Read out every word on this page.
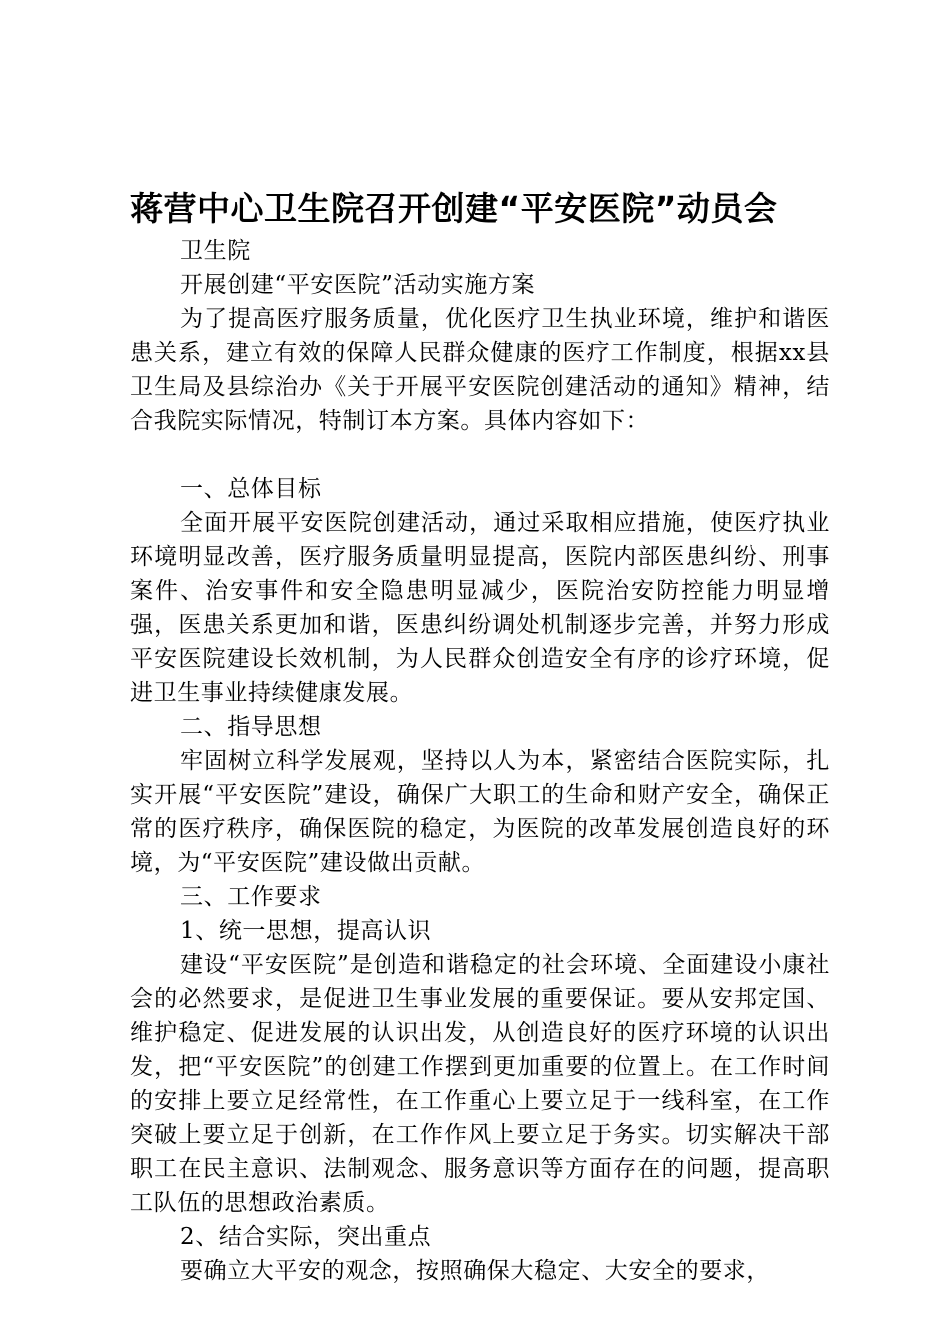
蒋营中心卫生院召开创建“平安医院”动员会

卫生院

开展创建“平安医院”活动实施方案

为了提高医疗服务质量，优化医疗卫生执业环境，维护和谐医患关系，建立有效的保障人民群众健康的医疗工作制度，根据xx县卫生局及县综治办《关于开展平安医院创建活动的通知》精神，结合我院实际情况，特制订本方案。具体内容如下：

一、总体目标

全面开展平安医院创建活动，通过采取相应措施，使医疗执业环境明显改善，医疗服务质量明显提高，医院内部医患纠纷、刑事案件、治安事件和安全隐患明显减少，医院治安防控能力明显增强，医患关系更加和谐，医患纠纷调处机制逐步完善，并努力形成平安医院建设长效机制，为人民群众创造安全有序的诊疗环境，促进卫生事业持续健康发展。

二、指导思想

牢固树立科学发展观，坚持以人为本，紧密结合医院实际，扎实开展“平安医院”建设，确保广大职工的生命和财产安全，确保正常的医疗秩序，确保医院的稳定，为医院的改革发展创造良好的环境，为“平安医院”建设做出贡献。

三、工作要求

1、统一思想，提高认识

建设“平安医院”是创造和谐稳定的社会环境、全面建设小康社会的必然要求，是促进卫生事业发展的重要保证。要从安邦定国、维护稳定、促进发展的认识出发，从创造良好的医疗环境的认识出发，把“平安医院”的创建工作摆到更加重要的位置上。在工作时间的安排上要立足经常性，在工作重心上要立足于一线科室，在工作突破上要立足于创新，在工作作风上要立足于务实。切实解决干部职工在民主意识、法制观念、服务意识等方面存在的问题，提高职工队伍的思想政治素质。

2、结合实际，突出重点

要确立大平安的观念，按照确保大稳定、大安全的要求，
